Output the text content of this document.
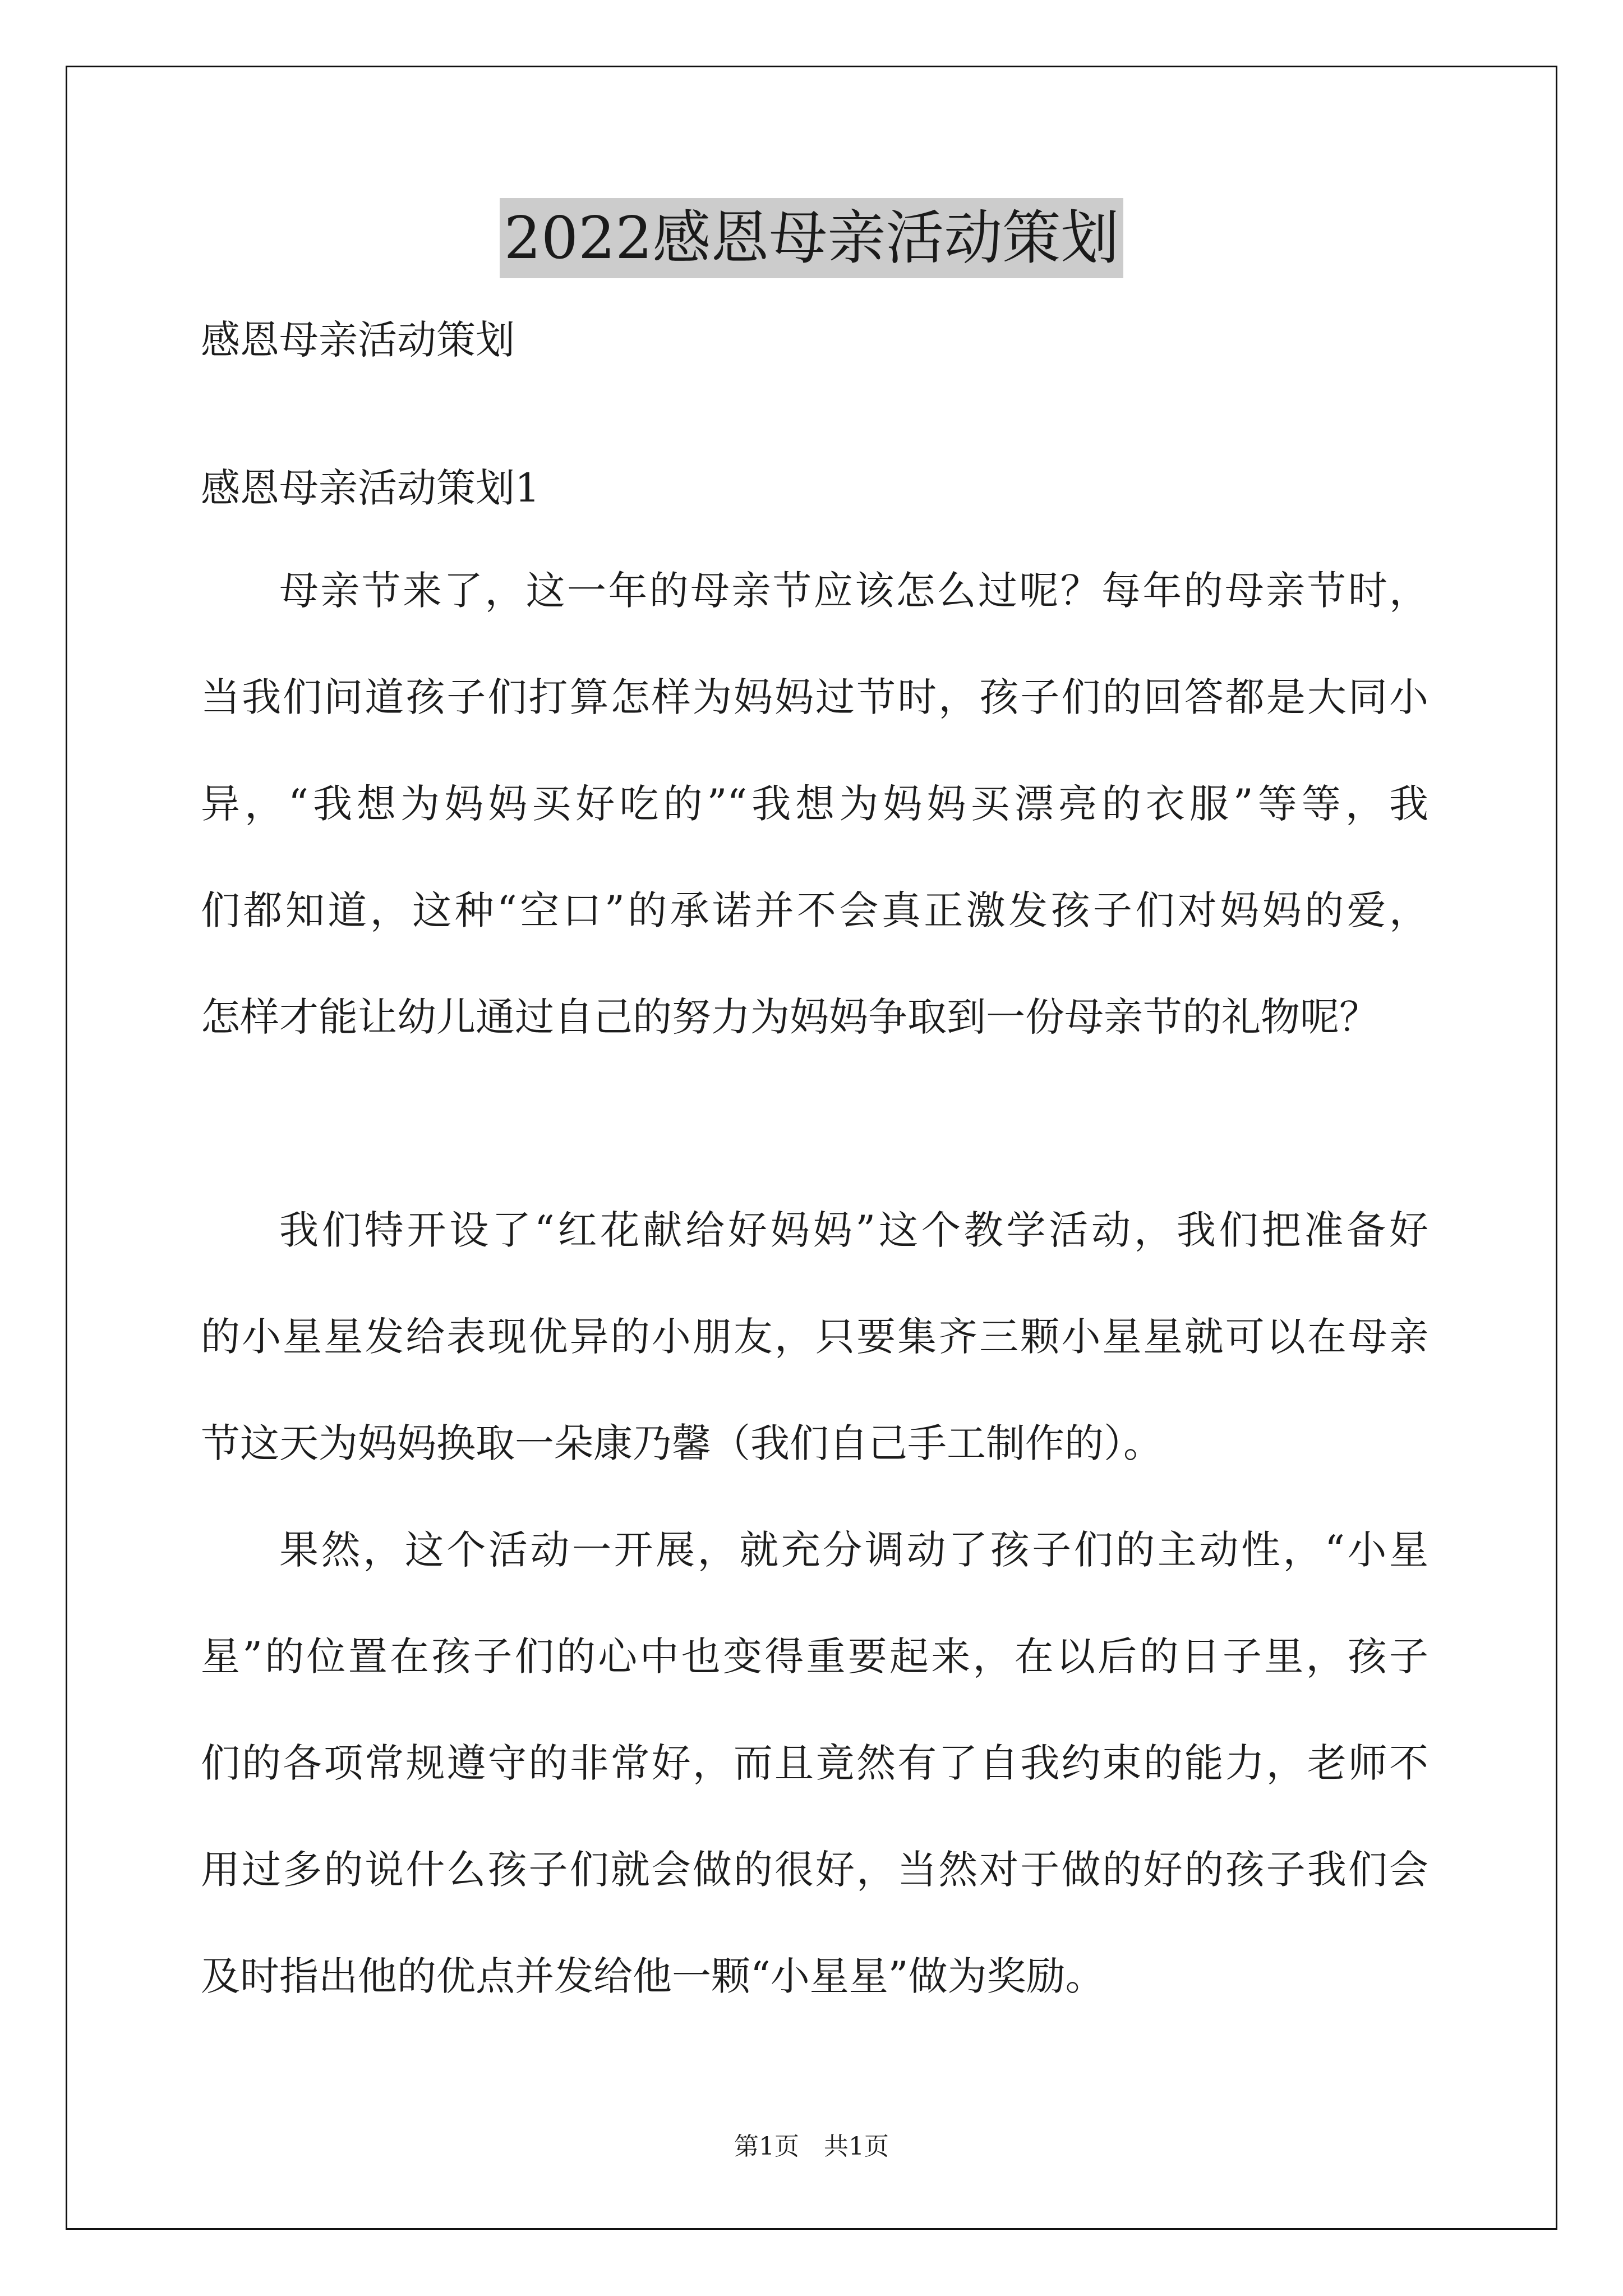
2022感恩母亲活动策划
感恩母亲活动策划
感恩母亲活动策划1
母亲节来了，这一年的母亲节应该怎么过呢？每年的母亲节时，
当我们问道孩子们打算怎样为妈妈过节时，孩子们的回答都是大同小
异，“我想为妈妈买好吃的”“我想为妈妈买漂亮的衣服”等等，我
们都知道，这种“空口”的承诺并不会真正激发孩子们对妈妈的爱，
怎样才能让幼儿通过自己的努力为妈妈争取到一份母亲节的礼物呢？
我们特开设了“红花献给好妈妈”这个教学活动，我们把准备好
的小星星发给表现优异的小朋友，只要集齐三颗小星星就可以在母亲
节这天为妈妈换取一朵康乃馨（我们自己手工制作的）。
果然，这个活动一开展，就充分调动了孩子们的主动性，“小星
星”的位置在孩子们的心中也变得重要起来，在以后的日子里，孩子
们的各项常规遵守的非常好，而且竟然有了自我约束的能力，老师不
用过多的说什么孩子们就会做的很好，当然对于做的好的孩子我们会
及时指出他的优点并发给他一颗“小星星”做为奖励。
第1页　共1页
